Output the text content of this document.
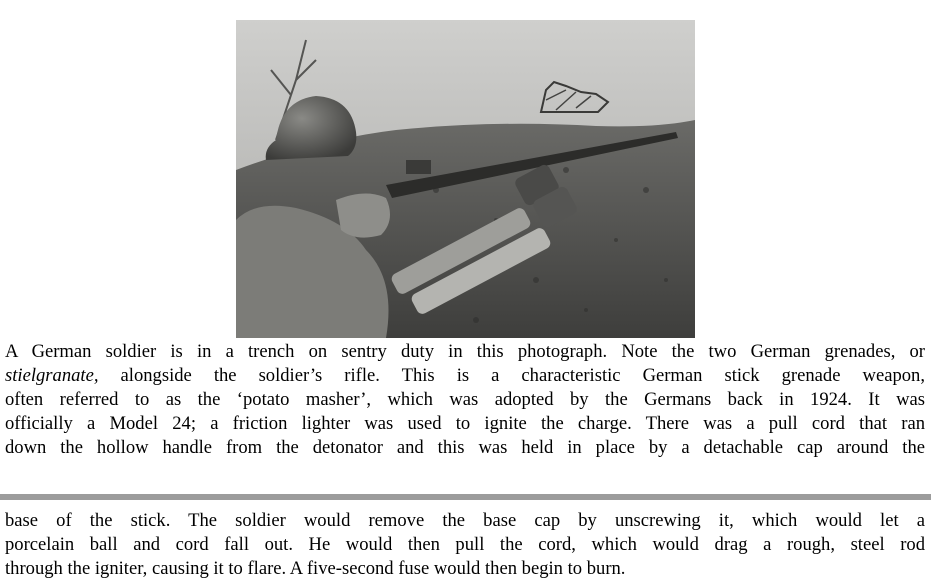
A German soldier is in a trench on sentry duty in this photograph. Note the two German grenades, or
stielgranate, alongside the soldier’s rifle. This is a characteristic German stick grenade weapon,
often referred to as the ‘potato masher’, which was adopted by the Germans back in 1924. It was
officially a Model 24; a friction lighter was used to ignite the charge. There was a pull cord that ran
down the hollow handle from the detonator and this was held in place by a detachable cap around the
base of the stick. The soldier would remove the base cap by unscrewing it, which would let a
porcelain ball and cord fall out. He would then pull the cord, which would drag a rough, steel rod
through the igniter, causing it to flare. A five-second fuse would then begin to burn.
